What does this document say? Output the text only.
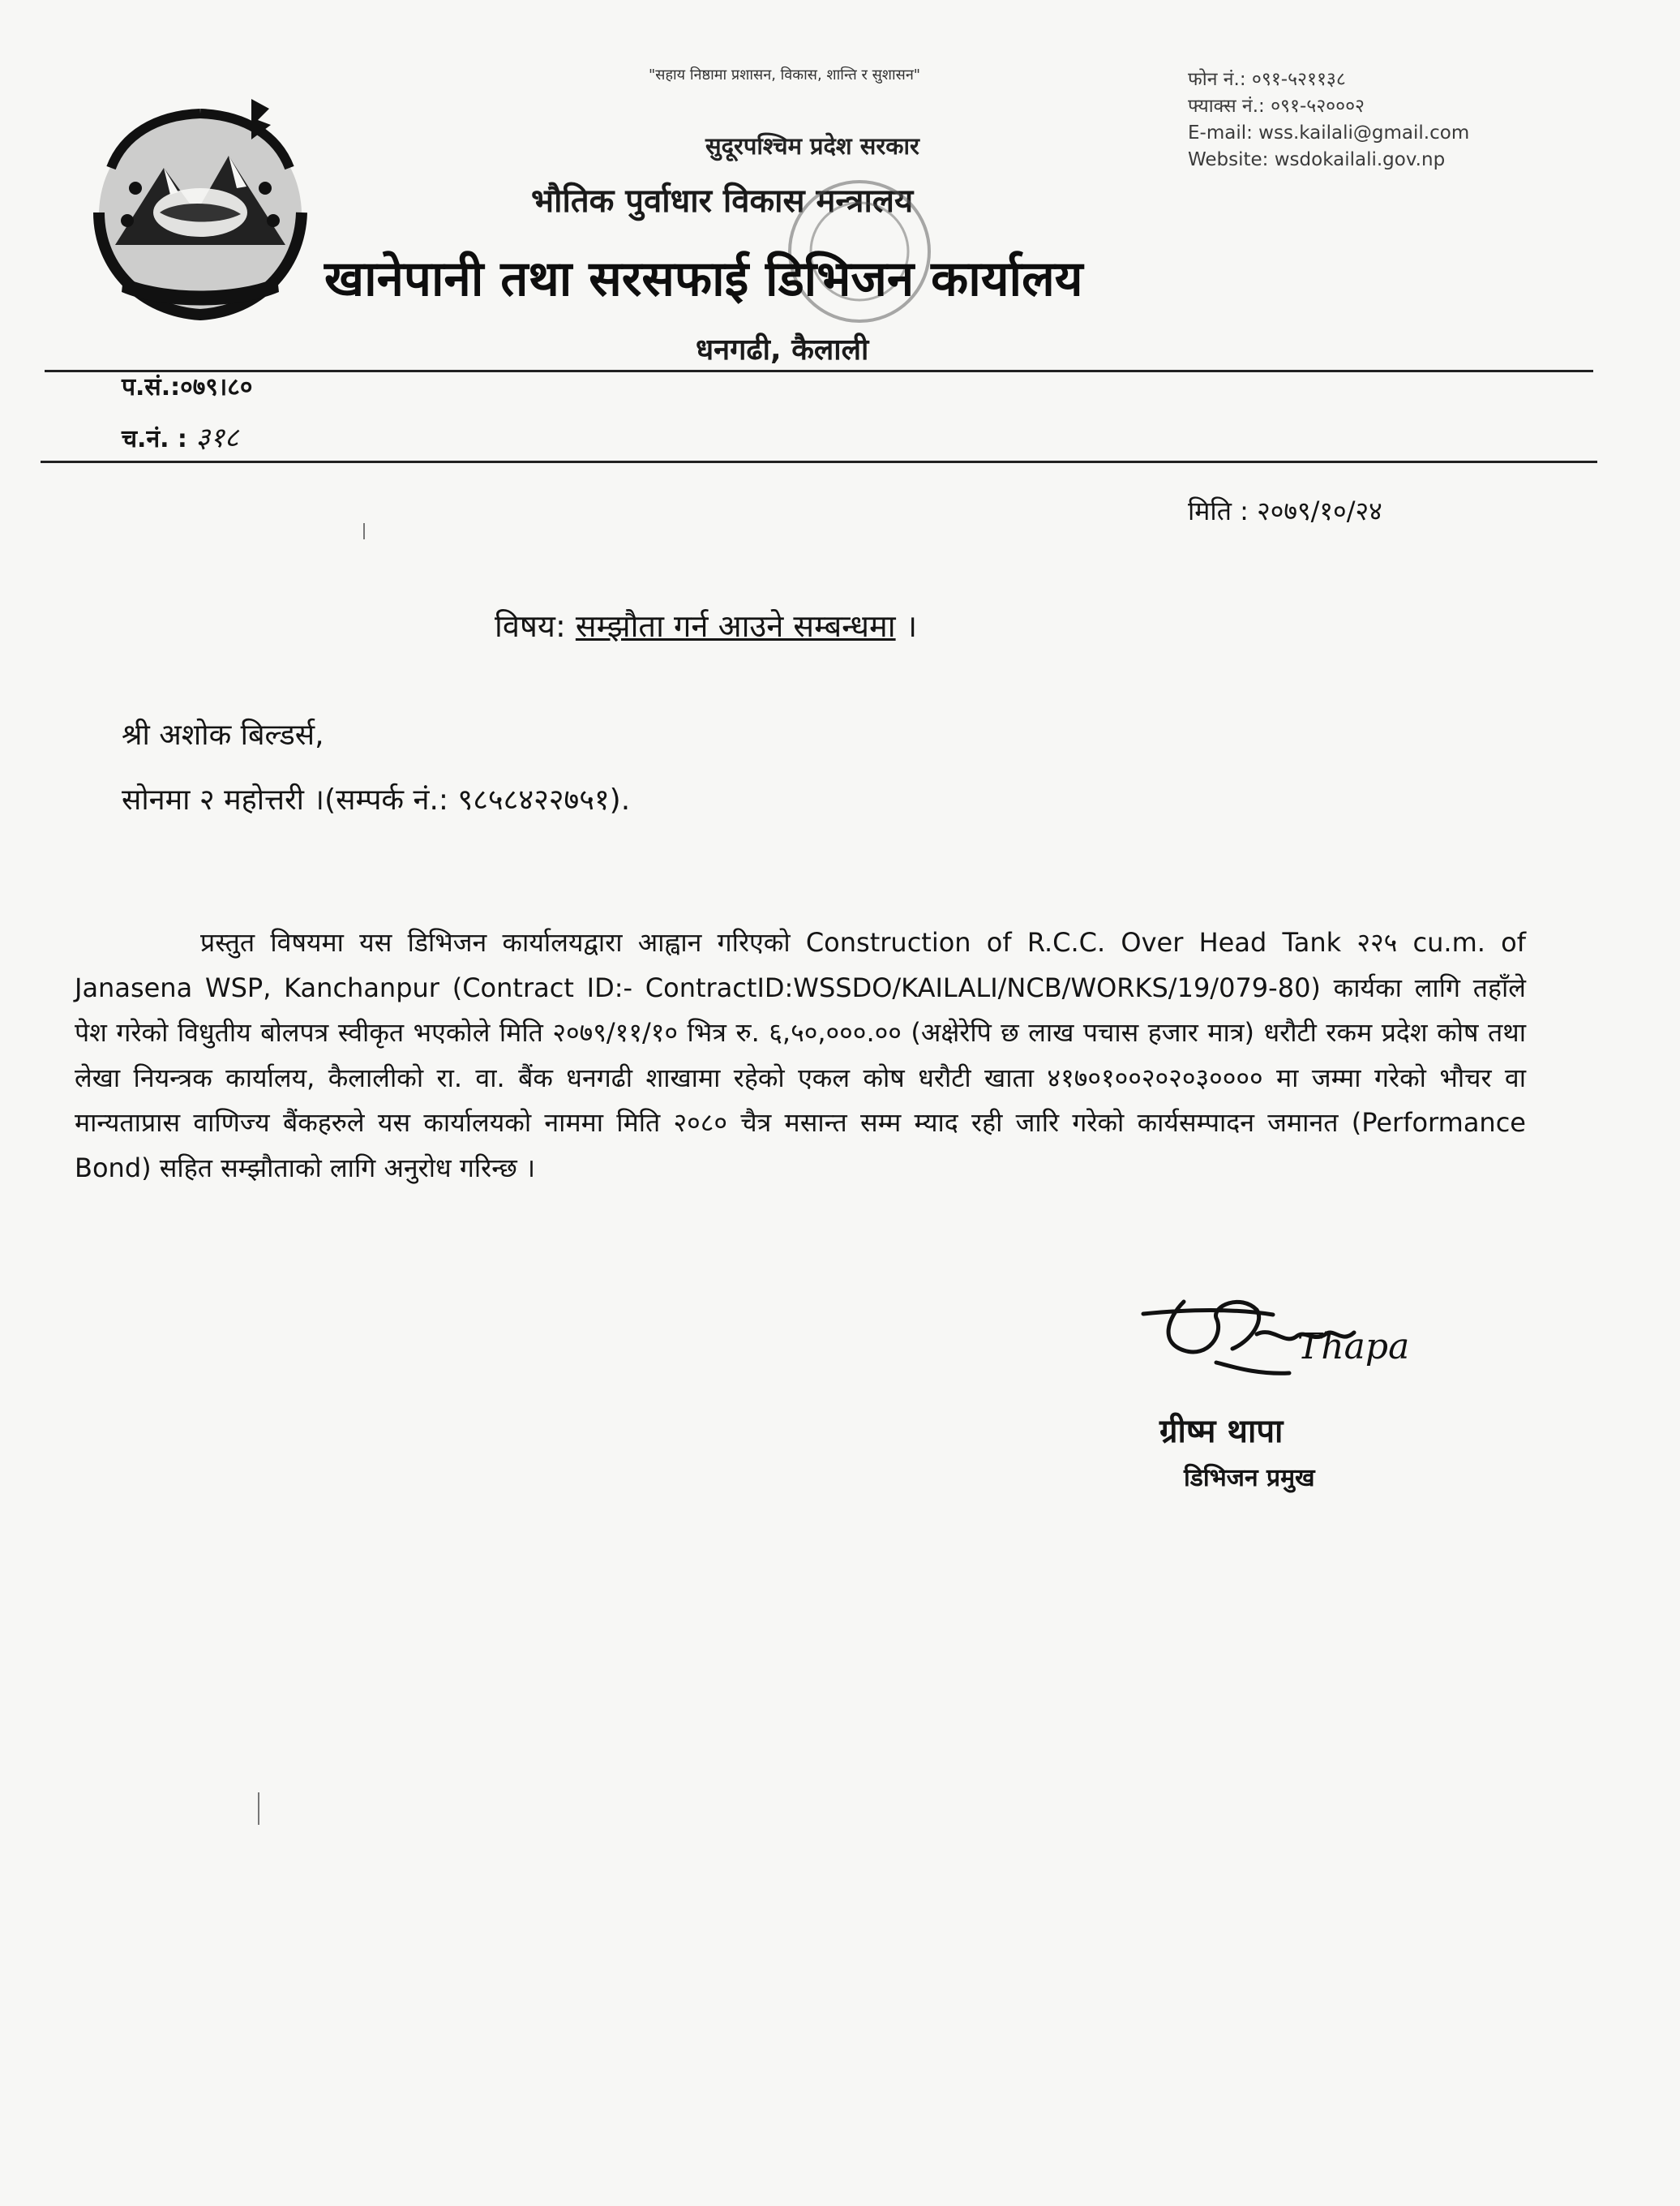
"सहाय निष्ठामा प्रशासन, विकास, शान्ति र सुशासन"	फोन नं.: ०९१-५२११३८
फ्याक्स नं.: ०९१-५२०००२
E-mail: wss.kailali@gmail.com
Website: wsdokailali.gov.np
सुदूरपश्चिम प्रदेश सरकार
भौतिक पुर्वाधार विकास मन्त्रालय
खानेपानी तथा सरसफाई डिभिजन कार्यालय
धनगढी, कैलाली
प.सं.:०७९।८०
च.नं. : ३१८
मिति : २०७९/१०/२४
विषय: सम्झौता गर्न आउने सम्बन्धमा ।
श्री अशोक बिल्डर्स,
सोनमा २ महोत्तरी ।(सम्पर्क नं.: ९८५८४२२७५१).
प्रस्तुत विषयमा यस डिभिजन कार्यालयद्वारा आह्वान गरिएको Construction of R.C.C. Over Head Tank २२५ cu.m. of Janasena WSP, Kanchanpur (Contract ID:- ContractID:WSSDO/KAILALI/NCB/WORKS/19/079-80) कार्यका लागि तहाँले पेश गरेको विधुतीय बोलपत्र स्वीकृत भएकोले मिति २०७९/११/१० भित्र रु. ६,५०,०००.०० (अक्षेरेपि छ लाख पचास हजार मात्र) धरौटी रकम प्रदेश कोष तथा लेखा नियन्त्रक कार्यालय, कैलालीको रा. वा. बैंक धनगढी शाखामा रहेको एकल कोष धरौटी खाता ४१७०१००२०२०३०००० मा जम्मा गरेको भौचर वा मान्यताप्रास वाणिज्य बैंकहरुले यस कार्यालयको नाममा मिति २०८० चैत्र मसान्त सम्म म्याद रही जारि गरेको कार्यसम्पादन जमानत (Performance Bond) सहित सम्झौताको लागि अनुरोध गरिन्छ ।
Thapa
ग्रीष्म थापा
डिभिजन प्रमुख
